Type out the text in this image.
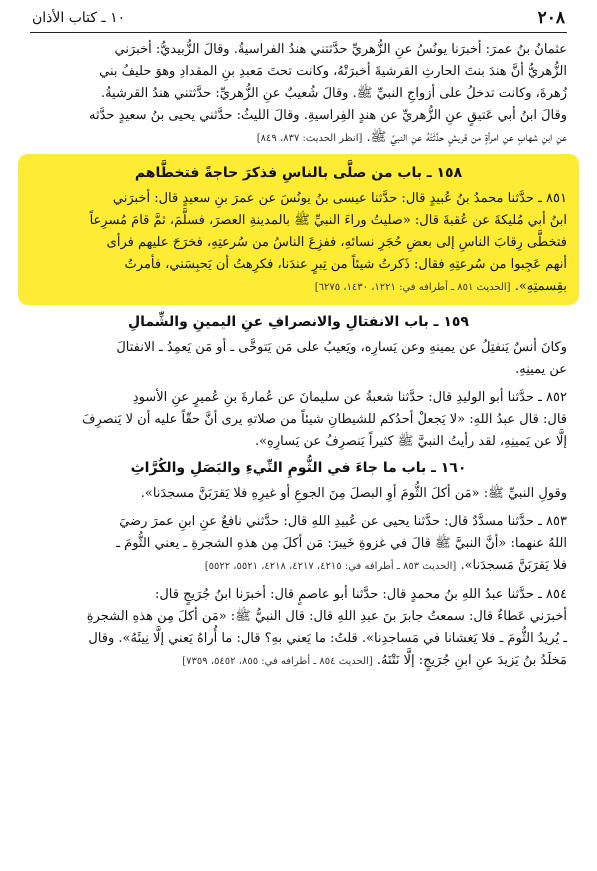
٢٠٨
١٠ ـ كتاب الأذان

عثمانُ بنُ عمرَ: أخبرَنا يونُسُ عنِ الزُّهريِّ حدَّثتني هندُ الفراسيةُ. وقالَ الزُّبيديُّ: أخبرَني

الزُّهريُّ أنَّ هندَ بنتَ الحارثِ القرشيةَ أخبرَتْهُ، وكانت تحتَ مَعبدِ بنِ المقدادِ وهوَ حليفُ بني

زُهرةَ، وكانت تدخلُ على أزواجِ النبيِّ ﷺ. وقالَ شُعيبٌ عنِ الزُّهريِّ: حدَّثتني هندُ القرشيةُ.

وقالَ ابنُ أبي عَتيقٍ عنِ الزُّهريِّ عن هندٍ الفِراسيةِ. وقالَ الليثُ: حدَّثني يحيى بنُ سعيدٍ حدَّثه

عنِ ابنِ شهابٍ عنِ امرأةٍ من قريشٍ حدَّثَتْهُ عنِ النبيِّ ﷺ. [انظر الحديث: ٨٣٧، ٨٤٩]

١٥٨ ـ باب من صلَّى بالناسِ فذكرَ حاجةً فتخطَّاهم

٨٥١ ـ حدَّثنا محمدُ بنُ عُبيدٍ قال: حدَّثنا عيسى بنُ يونُسَ عن عمرَ بنِ سعيدٍ قال: أخبرَني

ابنُ أبي مُليكةَ عن عُقبةَ قال: «صليتُ وراءَ النبيِّ ﷺ بالمدينةِ العصرَ، فسلَّمَ، ثمَّ قامَ مُسرِعاً

فتخطَّى رِقابَ الناسِ إلى بعضِ حُجَرِ نسائهِ، ففزِعَ الناسُ من سُرعتِهِ، فخرَجَ عليهم فرأى

أنهم عَجِبوا من سُرعتِهِ فقال: ذَكرتُ شيئاً من تِبرٍ عندَنا، فكرِهتُ أن يَحبِسَني، فأمرتُ

بقِسمتِهِ». [الحديث ٨٥١ ـ أطرافه في: ١٢٢١، ١٤٣٠، ٦٢٧٥]

١٥٩ ـ باب الانفتالِ والانصرافِ عنِ اليمينِ والشِّمالِ

وكانَ أنسٌ يَنفتِلُ عن يمينهِ وعن يَسارِه، ويَعيبُ على مَن يَتوخَّى ـ أو مَن يَعمِدُ ـ الانفتالَ

عن يمينِهِ.

٨٥٢ ـ حدَّثنا أبو الوليدِ قال: حدَّثنا شعبةُ عن سليمانَ عن عُمارةَ بنِ عُميرٍ عنِ الأسودِ

قال: قال عبدُ اللهِ: «لا يَجعلْ أحدُكم للشيطانِ شيئاً من صلاتهِ يرى أنَّ حقّاً عليه أن لا يَنصرِفَ

إلَّا عن يَمينِهِ، لقد رأيتُ النبيَّ ﷺ كثيراً يَنصرِفُ عن يَسارِهِ».

١٦٠ ـ باب ما جاءَ في الثُّومِ النِّيءِ والبَصَلِ والكُرَّاثِ

وقولِ النبيِّ ﷺ: «مَن أكلَ الثُّومَ أوِ البصلَ مِنَ الجوعِ أو غيرِهِ فلا يَقرَبَنَّ مسجدَنا».

٨٥٣ ـ حدَّثنا مسدَّدٌ قال: حدَّثنا يحيى عن عُبيدِ اللهِ قال: حدَّثني نافعٌ عنِ ابنِ عمرَ رضيَ

اللهُ عنهما: «أنَّ النبيَّ ﷺ قالَ في غزوةِ خَيبرَ: مَن أكلَ مِن هذهِ الشجرةِ ـ يعني الثُّومَ ـ

فلا يَقرَبَنَّ مَسجدَنا». [الحديث ٨٥٣ ـ أطرافه في: ٤٢١٥، ٤٢١٧، ٤٢١٨، ٥٥٢١، ٥٥٢٢]

٨٥٤ ـ حدَّثنا عبدُ اللهِ بنُ محمدٍ قال: حدَّثنا أبو عاصمٍ قال: أخبرَنا ابنُ جُرَيجٍ قال:

أخبرَني عَطاءٌ قال: سمعتُ جابرَ بنَ عبدِ اللهِ قال: قال النبيُّ ﷺ: «مَن أكلَ مِن هذهِ الشجرةِ

ـ يُريدُ الثُّومَ ـ فلا يَغشانا في مَساجدِنا». قلتُ: ما يَعني بهِ؟ قال: ما أُراهُ يَعني إلَّا نِيئَهُ». وقال

مَخلَدُ بنُ يَزيدَ عنِ ابنِ جُرَيجٍ: إلَّا نَتْنَهُ. [الحديث ٨٥٤ ـ أطرافه في: ٨٥٥، ٥٤٥٢، ٧٣٥٩]
